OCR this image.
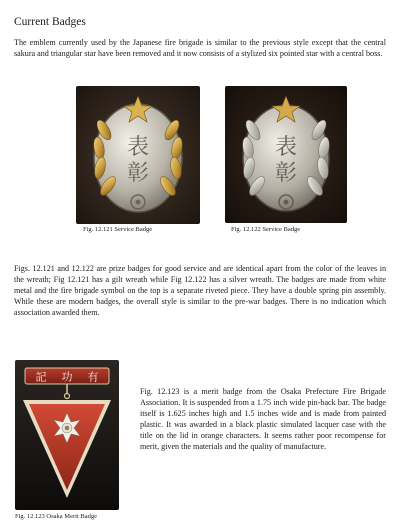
Current Badges

The emblem currently used by the Japanese fire brigade is similar to the previous style except that the central sakura and triangular star have been removed and it now consists of a stylized six pointed star with a central boss.

表
彰
Fig. 12.121 Service Badge
表
彰
Fig. 12.122 Service Badge

Figs. 12.121 and 12.122 are prize badges for good service and are identical apart from the color of the leaves in the wreath; Fig 12.121 has a gilt wreath while Fig 12.122 has a silver wreath. The badges are made from white metal and the fire brigade symbol on the top is a separate riveted piece. They have a double spring pin assembly. While these are modern badges, the overall style is similar to the pre-war badges. There is no indication which association awarded them.

記 功 有
Fig. 12.123 Osaka Merit Badge

Fig. 12.123 is a merit badge from the Osaka Prefecture Fire Brigade Association. It is suspended from a 1.75 inch wide pin-back bar. The badge itself is 1.625 inches high and 1.5 inches wide and is made from painted plastic. It was awarded in a black plastic simulated lacquer case with the title on the lid in orange characters. It seems rather poor recompense for merit, given the materials and the quality of manufacture.
